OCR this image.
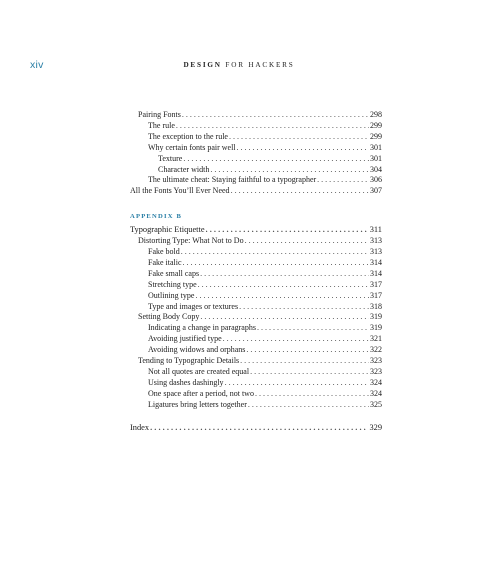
xiv	DESIGN FOR HACKERS
Pairing Fonts . . .	298
The rule . . .	299
The exception to the rule . . .	299
Why certain fonts pair well . . .	301
Texture . . .	301
Character width . . .	304
The ultimate cheat: Staying faithful to a typographer . . .	306
All the Fonts You’ll Ever Need . . .	307
APPENDIX B
Typographic Etiquette . . .	311
Distorting Type: What Not to Do . . .	313
Fake bold . . .	313
Fake italic . . .	314
Fake small caps . . .	314
Stretching type . . .	317
Outlining type . . .	317
Type and images or textures . . .	318
Setting Body Copy . . .	319
Indicating a change in paragraphs . . .	319
Avoiding justified type . . .	321
Avoiding widows and orphans . . .	322
Tending to Typographic Details . . .	323
Not all quotes are created equal . . .	323
Using dashes dashingly . . .	324
One space after a period, not two . . .	324
Ligatures bring letters together . . .	325
Index . . .	329
